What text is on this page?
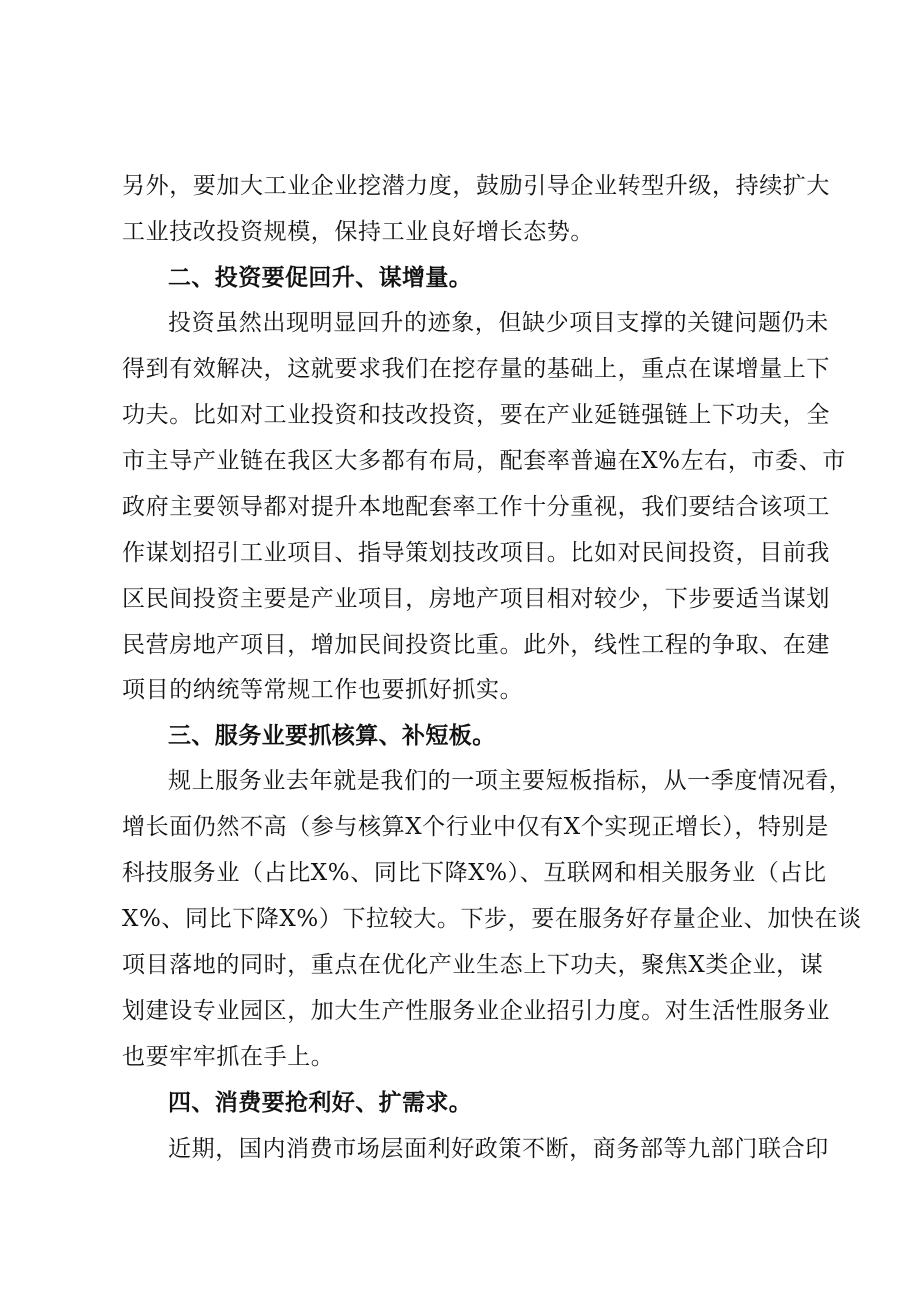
另外，要加大工业企业挖潜力度，鼓励引导企业转型升级，持续扩大
工业技改投资规模，保持工业良好增长态势。
二、投资要促回升、谋增量。
投资虽然出现明显回升的迹象，但缺少项目支撑的关键问题仍未
得到有效解决，这就要求我们在挖存量的基础上，重点在谋增量上下
功夫。比如对工业投资和技改投资，要在产业延链强链上下功夫，全
市主导产业链在我区大多都有布局，配套率普遍在X%左右，市委、市
政府主要领导都对提升本地配套率工作十分重视，我们要结合该项工
作谋划招引工业项目、指导策划技改项目。比如对民间投资，目前我
区民间投资主要是产业项目，房地产项目相对较少，下步要适当谋划
民营房地产项目，增加民间投资比重。此外，线性工程的争取、在建
项目的纳统等常规工作也要抓好抓实。
三、服务业要抓核算、补短板。
规上服务业去年就是我们的一项主要短板指标，从一季度情况看，
增长面仍然不高（参与核算X个行业中仅有X个实现正增长），特别是
科技服务业（占比X%、同比下降X%）、互联网和相关服务业（占比
X%、同比下降X%）下拉较大。下步，要在服务好存量企业、加快在谈
项目落地的同时，重点在优化产业生态上下功夫，聚焦X类企业，谋
划建设专业园区，加大生产性服务业企业招引力度。对生活性服务业
也要牢牢抓在手上。
四、消费要抢利好、扩需求。
近期，国内消费市场层面利好政策不断，商务部等九部门联合印
